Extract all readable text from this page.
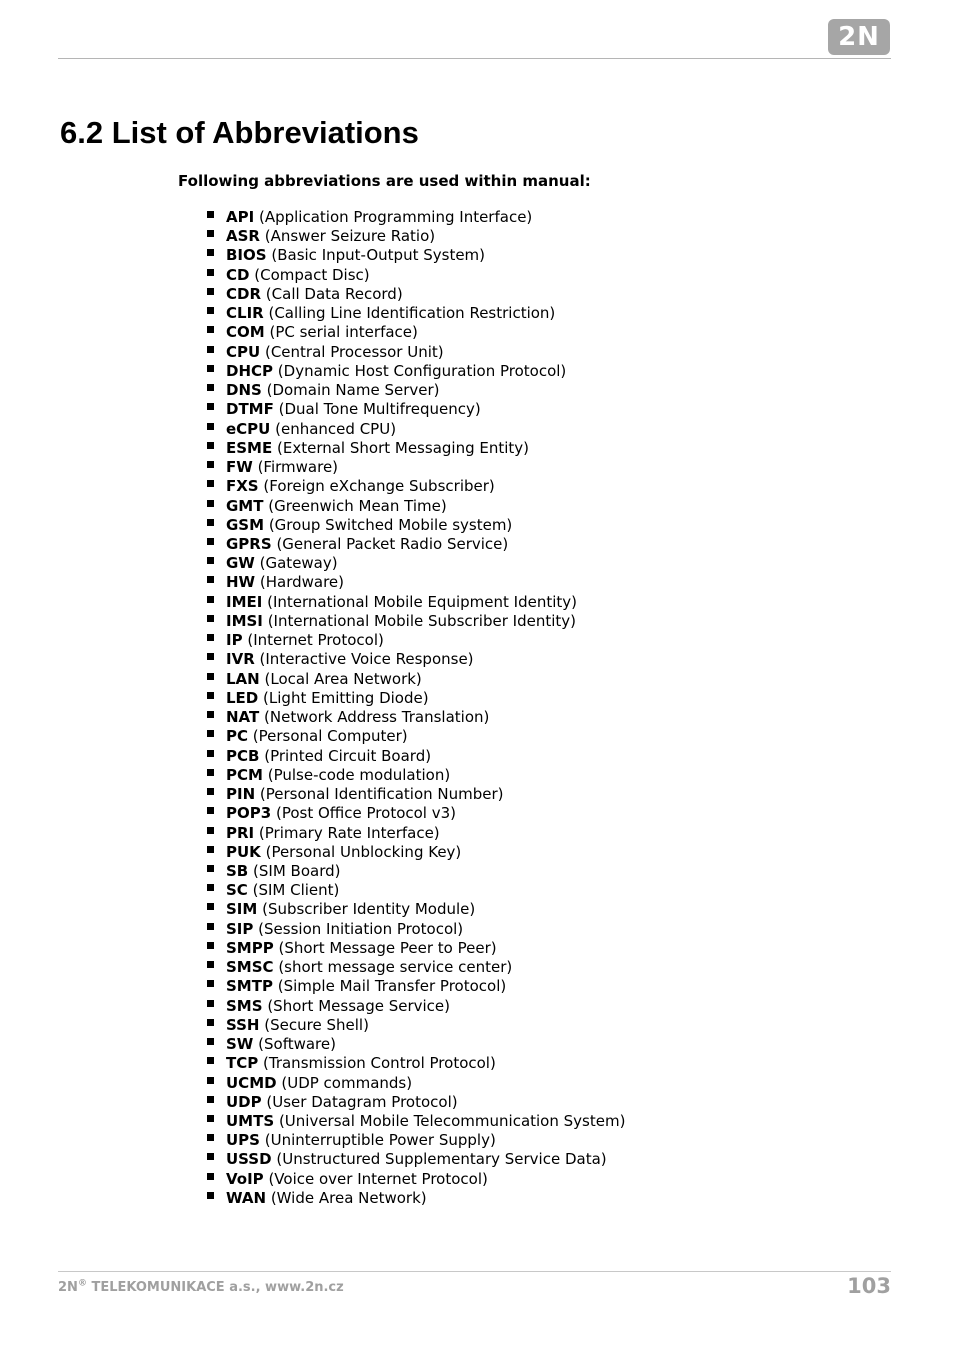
2N
6.2 List of Abbreviations

Following abbreviations are used within manual:

API (Application Programming Interface)
ASR (Answer Seizure Ratio)
BIOS (Basic Input-Output System)
CD (Compact Disc)
CDR (Call Data Record)
CLIR (Calling Line Identification Restriction)
COM (PC serial interface)
CPU (Central Processor Unit)
DHCP (Dynamic Host Configuration Protocol)
DNS (Domain Name Server)
DTMF (Dual Tone Multifrequency)
eCPU (enhanced CPU)
ESME (External Short Messaging Entity)
FW (Firmware)
FXS (Foreign eXchange Subscriber)
GMT (Greenwich Mean Time)
GSM (Group Switched Mobile system)
GPRS (General Packet Radio Service)
GW (Gateway)
HW (Hardware)
IMEI (International Mobile Equipment Identity)
IMSI (International Mobile Subscriber Identity)
IP (Internet Protocol)
IVR (Interactive Voice Response)
LAN (Local Area Network)
LED (Light Emitting Diode)
NAT (Network Address Translation)
PC (Personal Computer)
PCB (Printed Circuit Board)
PCM (Pulse-code modulation)
PIN (Personal Identification Number)
POP3 (Post Office Protocol v3)
PRI (Primary Rate Interface)
PUK (Personal Unblocking Key)
SB (SIM Board)
SC (SIM Client)
SIM (Subscriber Identity Module)
SIP (Session Initiation Protocol)
SMPP (Short Message Peer to Peer)
SMSC (short message service center)
SMTP (Simple Mail Transfer Protocol)
SMS (Short Message Service)
SSH (Secure Shell)
SW (Software)
TCP (Transmission Control Protocol)
UCMD (UDP commands)
UDP (User Datagram Protocol)
UMTS (Universal Mobile Telecommunication System)
UPS (Uninterruptible Power Supply)
USSD (Unstructured Supplementary Service Data)
VoIP (Voice over Internet Protocol)
WAN (Wide Area Network)
2N® TELEKOMUNIKACE a.s., www.2n.cz	103
